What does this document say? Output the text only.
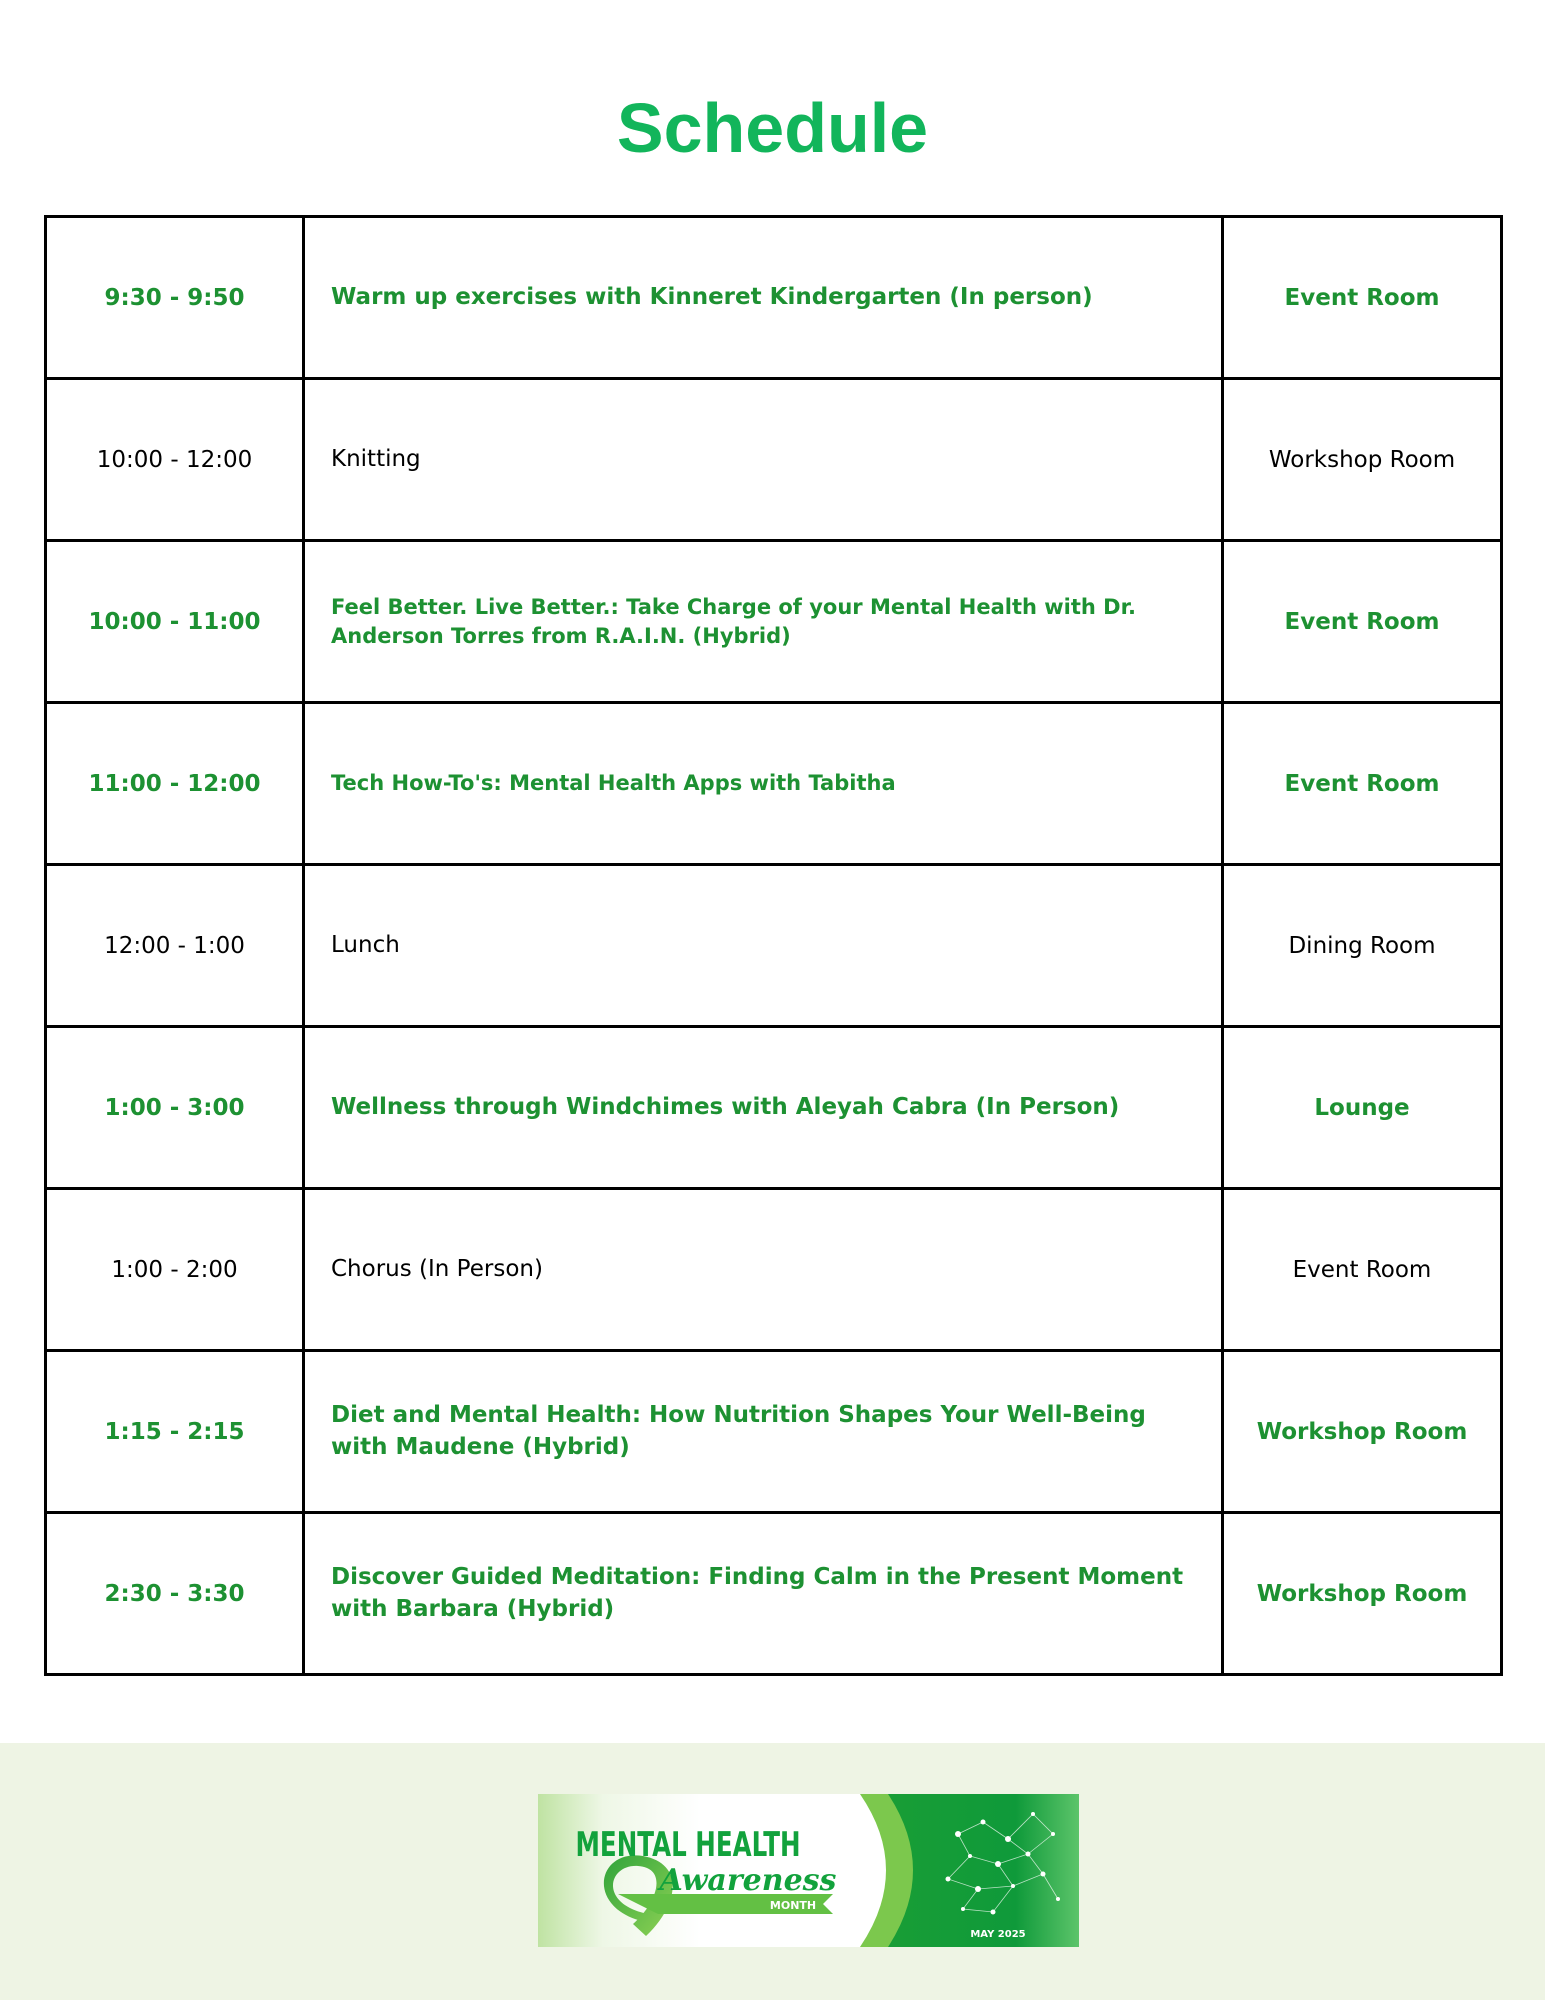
Schedule
9:30 - 9:50	Warm up exercises with Kinneret Kindergarten (In person)	Event Room
10:00 - 12:00	Knitting	Workshop Room
10:00 - 11:00	Feel Better. Live Better.: Take Charge of your Mental Health with Dr. Anderson Torres from R.A.I.N. (Hybrid)	Event Room
11:00 - 12:00	Tech How-To's: Mental Health Apps with Tabitha	Event Room
12:00 - 1:00	Lunch	Dining Room
1:00 - 3:00	Wellness through Windchimes with Aleyah Cabra (In Person)	Lounge
1:00 - 2:00	Chorus (In Person)	Event Room
1:15 - 2:15	Diet and Mental Health: How Nutrition Shapes Your Well-Being with Maudene (Hybrid)	Workshop Room
2:30 - 3:30	Discover Guided Meditation: Finding Calm in the Present Moment with Barbara (Hybrid)	Workshop Room
MENTAL HEALTH
Awareness
MONTH
MAY 2025
